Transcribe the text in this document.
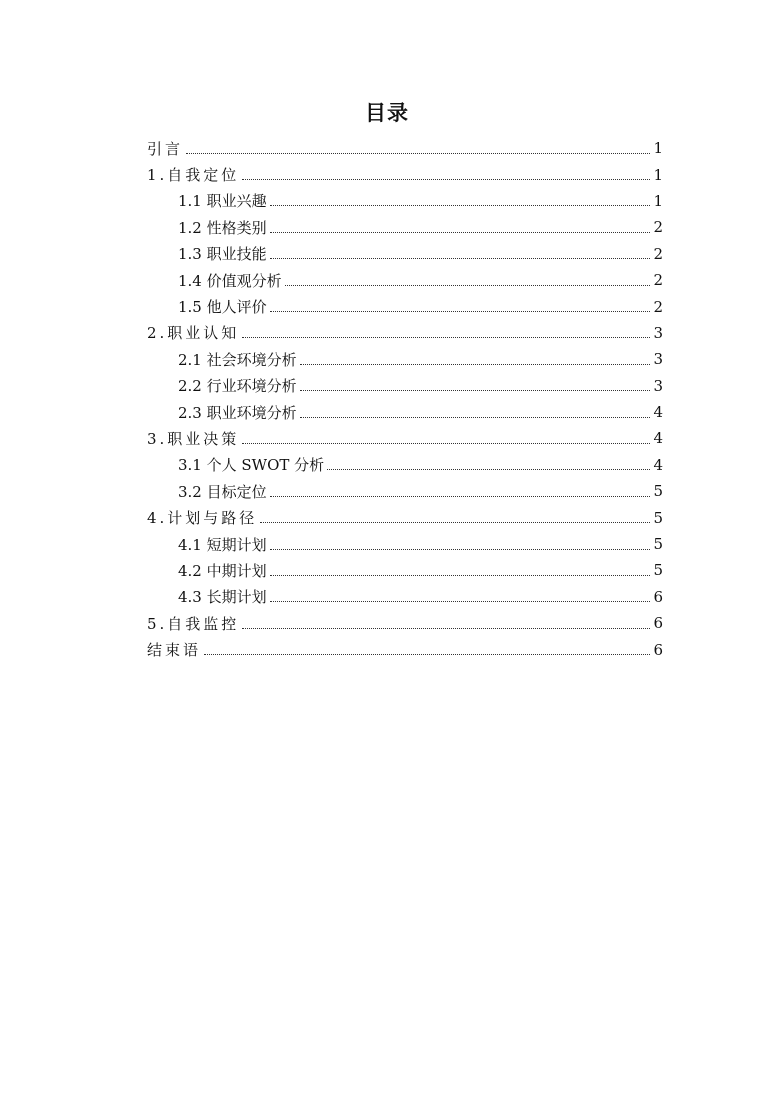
目录
引言	1
1.自我定位	1
1.1 职业兴趣	1
1.2 性格类别	2
1.3 职业技能	2
1.4 价值观分析	2
1.5 他人评价	2
2.职业认知	3
2.1 社会环境分析	3
2.2 行业环境分析	3
2.3 职业环境分析	4
3.职业决策	4
3.1 个人 SWOT 分析	4
3.2 目标定位	5
4.计划与路径	5
4.1 短期计划	5
4.2 中期计划	5
4.3 长期计划	6
5.自我监控	6
结束语	6
